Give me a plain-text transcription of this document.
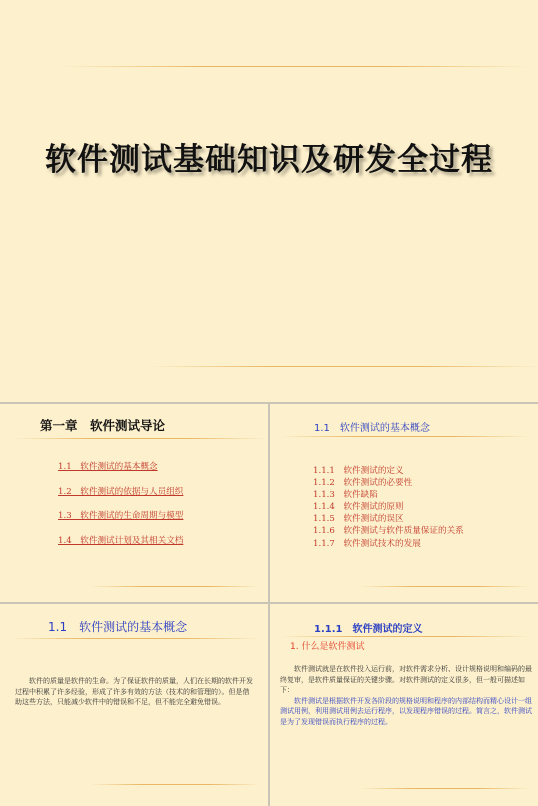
软件测试基础知识及研发全过程
第一章　软件测试导论
1.1　软件测试的基本概念
1.2　软件测试的依据与人员组织
1.3　软件测试的生命周期与模型
1.4　软件测试计划及其相关文档
1.1　软件测试的基本概念
1.1.1　软件测试的定义
1.1.2　软件测试的必要性
1.1.3　软件缺陷
1.1.4　软件测试的原则
1.1.5　软件测试的误区
1.1.6　软件测试与软件质量保证的关系
1.1.7　软件测试技术的发展
1.1　软件测试的基本概念
　　软件的质量是软件的生命。为了保证软件的质量，人们在长期的软件开发过程中积累了许多经验，形成了许多有效的方法（技术的和管理的）。但是借助这些方法，只能减少软件中的错误和不足，但不能完全避免错误。
1.1.1　软件测试的定义
1. 什么是软件测试
　　软件测试就是在软件投入运行前，对软件需求分析、设计规格说明和编码的最终复审，是软件质量保证的关键步骤。对软件测试的定义很多，但一般可描述如下：
　　软件测试是根据软件开发各阶段的规格说明和程序的内部结构而精心设计一组测试用例，利用测试用例去运行程序，以发现程序错误的过程。简言之，软件测试是为了发现错误而执行程序的过程。
